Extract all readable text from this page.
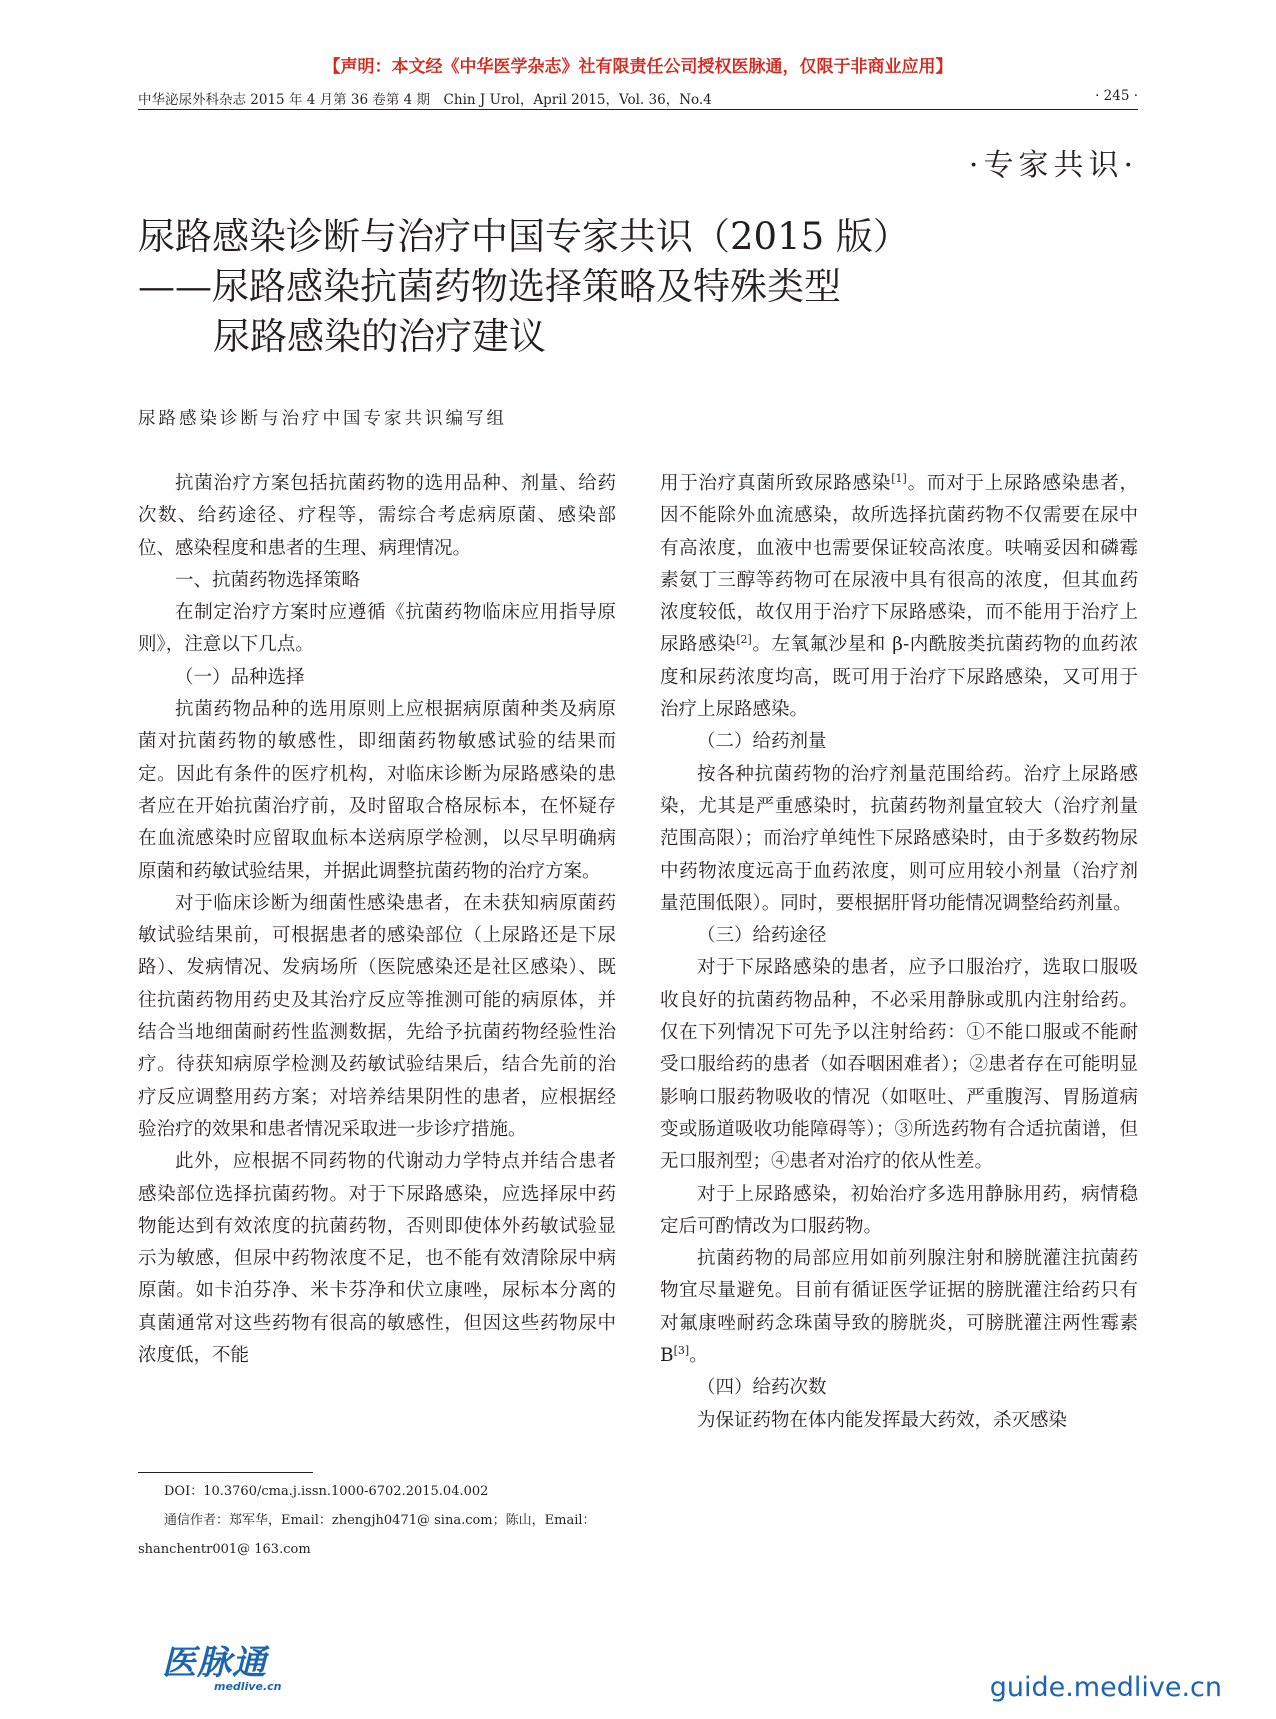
【声明：本文经《中华医学杂志》社有限责任公司授权医脉通，仅限于非商业应用】
中华泌尿外科杂志 2015 年 4 月第 36 卷第 4 期　Chin J Urol，April 2015，Vol. 36，No.4	· 245 ·
·专家共识·
尿路感染诊断与治疗中国专家共识（2015 版）
——尿路感染抗菌药物选择策略及特殊类型
尿路感染的治疗建议
尿路感染诊断与治疗中国专家共识编写组

抗菌治疗方案包括抗菌药物的选用品种、剂量、给药次数、给药途径、疗程等，需综合考虑病原菌、感染部位、感染程度和患者的生理、病理情况。

一、抗菌药物选择策略

在制定治疗方案时应遵循《抗菌药物临床应用指导原则》，注意以下几点。

（一）品种选择

抗菌药物品种的选用原则上应根据病原菌种类及病原菌对抗菌药物的敏感性，即细菌药物敏感试验的结果而定。因此有条件的医疗机构，对临床诊断为尿路感染的患者应在开始抗菌治疗前，及时留取合格尿标本，在怀疑存在血流感染时应留取血标本送病原学检测，以尽早明确病原菌和药敏试验结果，并据此调整抗菌药物的治疗方案。

对于临床诊断为细菌性感染患者，在未获知病原菌药敏试验结果前，可根据患者的感染部位（上尿路还是下尿路）、发病情况、发病场所（医院感染还是社区感染）、既往抗菌药物用药史及其治疗反应等推测可能的病原体，并结合当地细菌耐药性监测数据，先给予抗菌药物经验性治疗。待获知病原学检测及药敏试验结果后，结合先前的治疗反应调整用药方案；对培养结果阴性的患者，应根据经验治疗的效果和患者情况采取进一步诊疗措施。

此外，应根据不同药物的代谢动力学特点并结合患者感染部位选择抗菌药物。对于下尿路感染，应选择尿中药物能达到有效浓度的抗菌药物，否则即使体外药敏试验显示为敏感，但尿中药物浓度不足，也不能有效清除尿中病原菌。如卡泊芬净、米卡芬净和伏立康唑，尿标本分离的真菌通常对这些药物有很高的敏感性，但因这些药物尿中浓度低，不能

用于治疗真菌所致尿路感染[1]。而对于上尿路感染患者，因不能除外血流感染，故所选择抗菌药物不仅需要在尿中有高浓度，血液中也需要保证较高浓度。呋喃妥因和磷霉素氨丁三醇等药物可在尿液中具有很高的浓度，但其血药浓度较低，故仅用于治疗下尿路感染，而不能用于治疗上尿路感染[2]。左氧氟沙星和 β-内酰胺类抗菌药物的血药浓度和尿药浓度均高，既可用于治疗下尿路感染，又可用于治疗上尿路感染。

（二）给药剂量

按各种抗菌药物的治疗剂量范围给药。治疗上尿路感染，尤其是严重感染时，抗菌药物剂量宜较大（治疗剂量范围高限）；而治疗单纯性下尿路感染时，由于多数药物尿中药物浓度远高于血药浓度，则可应用较小剂量（治疗剂量范围低限）。同时，要根据肝肾功能情况调整给药剂量。

（三）给药途径

对于下尿路感染的患者，应予口服治疗，选取口服吸收良好的抗菌药物品种，不必采用静脉或肌内注射给药。仅在下列情况下可先予以注射给药：①不能口服或不能耐受口服给药的患者（如吞咽困难者）；②患者存在可能明显影响口服药物吸收的情况（如呕吐、严重腹泻、胃肠道病变或肠道吸收功能障碍等）；③所选药物有合适抗菌谱，但无口服剂型；④患者对治疗的依从性差。

对于上尿路感染，初始治疗多选用静脉用药，病情稳定后可酌情改为口服药物。

抗菌药物的局部应用如前列腺注射和膀胱灌注抗菌药物宜尽量避免。目前有循证医学证据的膀胱灌注给药只有对氟康唑耐药念珠菌导致的膀胱炎，可膀胱灌注两性霉素 B[3]。

（四）给药次数

为保证药物在体内能发挥最大药效，杀灭感染

DOI：10.3760/cma.j.issn.1000-6702.2015.04.002

通信作者：郑军华，Email：zhengjh0471@ sina.com；陈山，Email：shanchentr001@ 163.com

医脉通
medlive.cn	guide.medlive.cn
